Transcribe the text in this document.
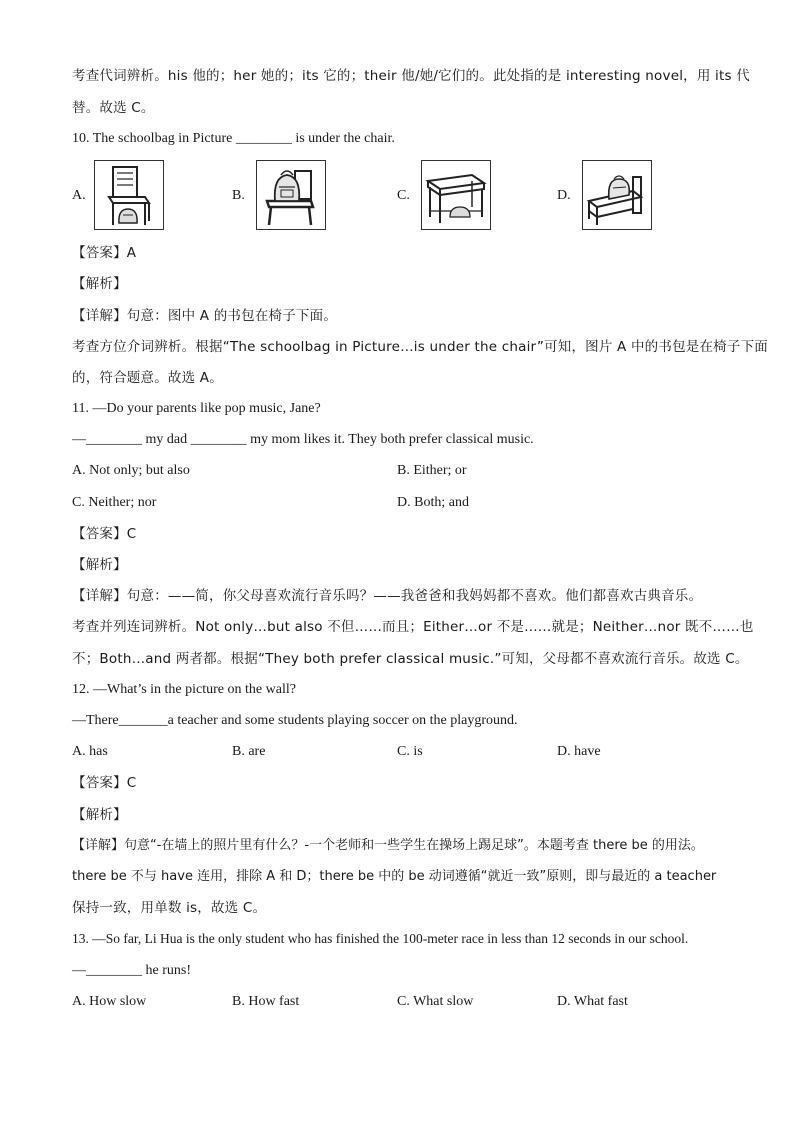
考查代词辨析。his 他的；her 她的；its 它的；their 他/她/它们的。此处指的是 interesting novel，用 its 代
替。故选 C。
10. The schoolbag in Picture ________ is under the chair.
A.	B.	C.	D.
【答案】A
【解析】
【详解】句意：图中 A 的书包在椅子下面。
考查方位介词辨析。根据“The schoolbag in Picture…is under the chair”可知，图片 A 中的书包是在椅子下面
的，符合题意。故选 A。
11. —Do your parents like pop music, Jane?
—________ my dad ________ my mom likes it. They both prefer classical music.
A. Not only; but also	B. Either; or
C. Neither; nor	D. Both; and
【答案】C
【解析】
【详解】句意：——简，你父母喜欢流行音乐吗？——我爸爸和我妈妈都不喜欢。他们都喜欢古典音乐。
考查并列连词辨析。Not only…but also 不但……而且；Either…or 不是……就是；Neither…nor 既不……也
不；Both…and 两者都。根据“They both prefer classical music.”可知，父母都不喜欢流行音乐。故选 C。
12. —What’s in the picture on the wall?
—There_______a teacher and some students playing soccer on the playground.
A. has	B. are	C. is	D. have
【答案】C
【解析】
【详解】句意“-在墙上的照片里有什么？-一个老师和一些学生在操场上踢足球”。本题考查 there be 的用法。
there be 不与 have 连用，排除 A 和 D；there be 中的 be 动词遵循“就近一致”原则，即与最近的 a teacher
保持一致，用单数 is，故选 C。
13. —So far, Li Hua is the only student who has finished the 100-meter race in less than 12 seconds in our school.
—________ he runs!
A. How slow	B. How fast	C. What slow	D. What fast
